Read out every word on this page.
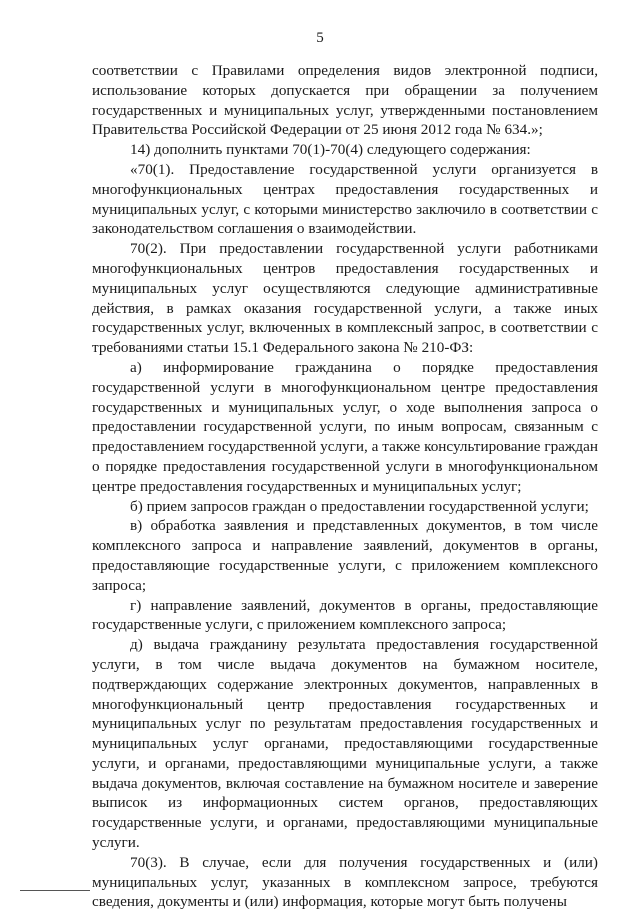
5

соответствии с Правилами определения видов электронной подписи, использование которых допускается при обращении за получением государственных и муниципальных услуг, утвержденными постановлением Правительства Российской Федерации от 25 июня 2012 года № 634.»;

14) дополнить пунктами 70(1)-70(4) следующего содержания:

«70(1). Предоставление государственной услуги организуется в многофункциональных центрах предоставления государственных и муниципальных услуг, с которыми министерство заключило в соответствии с законодательством соглашения о взаимодействии.

70(2). При предоставлении государственной услуги работниками многофункциональных центров предоставления государственных и муниципальных услуг осуществляются следующие административные действия, в рамках оказания государственной услуги, а также иных государственных услуг, включенных в комплексный запрос, в соответствии с требованиями статьи 15.1 Федерального закона № 210-ФЗ:

а) информирование гражданина о порядке предоставления государственной услуги в многофункциональном центре предоставления государственных и муниципальных услуг, о ходе выполнения запроса о предоставлении государственной услуги, по иным вопросам, связанным с предоставлением государственной услуги, а также консультирование граждан о порядке предоставления государственной услуги в многофункциональном центре предоставления государственных и муниципальных услуг;

б) прием запросов граждан о предоставлении государственной услуги;

в) обработка заявления и представленных документов, в том числе комплексного запроса и направление заявлений, документов в органы, предоставляющие государственные услуги, с приложением комплексного запроса;

г) направление заявлений, документов в органы, предоставляющие государственные услуги, с приложением комплексного запроса;

д) выдача гражданину результата предоставления государственной услуги, в том числе выдача документов на бумажном носителе, подтверждающих содержание электронных документов, направленных в многофункциональный центр предоставления государственных и муниципальных услуг по результатам предоставления государственных и муниципальных услуг органами, предоставляющими государственные услуги, и органами, предоставляющими муниципальные услуги, а также выдача документов, включая составление на бумажном носителе и заверение выписок из информационных систем органов, предоставляющих государственные услуги, и органами, предоставляющими муниципальные услуги.

70(3). В случае, если для получения государственных и (или) муниципальных услуг, указанных в комплексном запросе, требуются сведения, документы и (или) информация, которые могут быть получены
